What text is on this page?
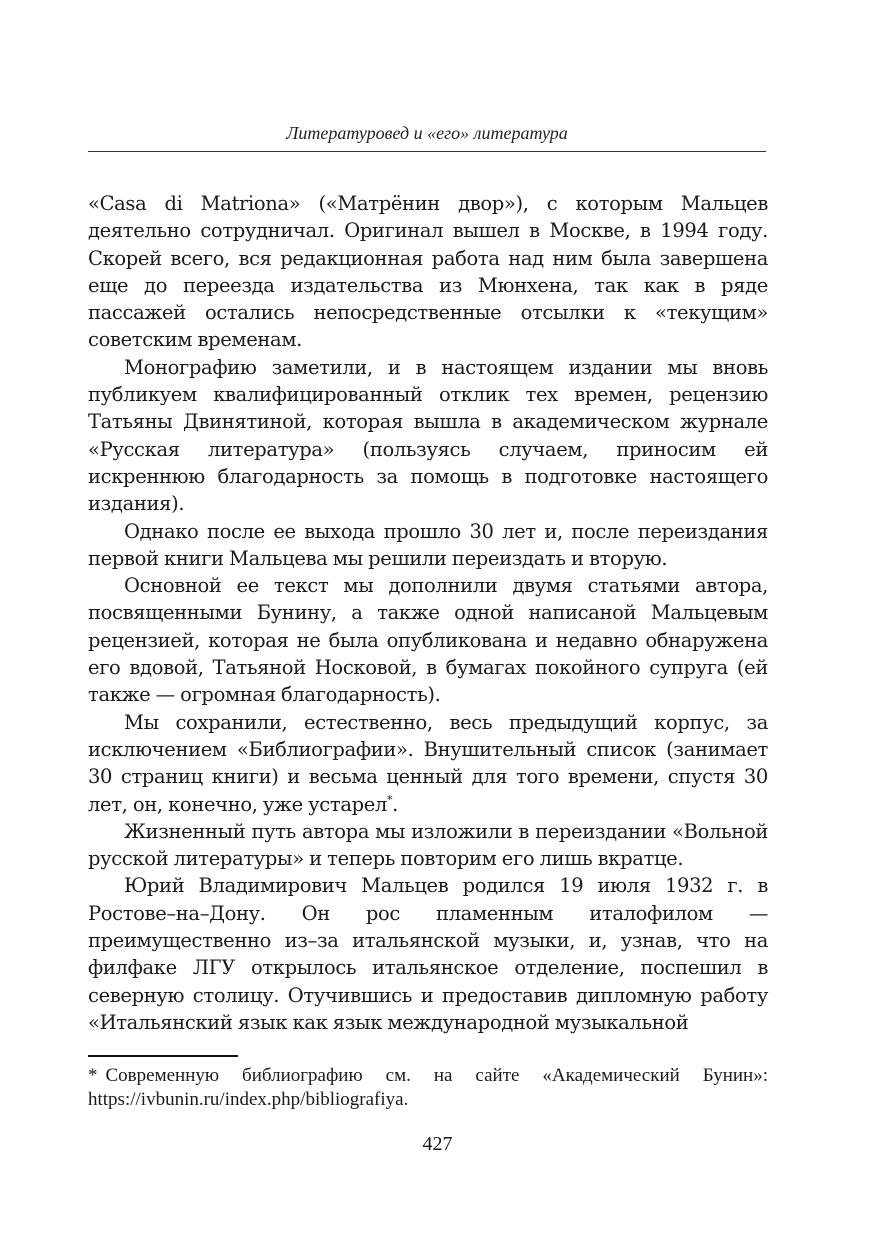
Литературовед и «его» литература

«Casa di Matriona» («Матрёнин двор»), с которым Мальцев деятельно сотрудничал. Оригинал вышел в Москве, в 1994 году. Скорей всего, вся редакционная работа над ним была завершена еще до переезда издательства из Мюнхена, так как в ряде пассажей остались непосредственные отсылки к «текущим» советским временам.

Монографию заметили, и в настоящем издании мы вновь публикуем квалифицированный отклик тех времен, рецензию Татьяны Двинятиной, которая вышла в академическом журнале «Русская литература» (пользуясь случаем, приносим ей искреннюю благодарность за помощь в подготовке настоящего издания).

Однако после ее выхода прошло 30 лет и, после переиздания первой книги Мальцева мы решили переиздать и вторую.

Основной ее текст мы дополнили двумя статьями автора, посвященными Бунину, а также одной написаной Мальцевым рецензией, которая не была опубликована и недавно обнаружена его вдовой, Татьяной Носковой, в бумагах покойного супруга (ей также — огромная благодарность).

Мы сохранили, естественно, весь предыдущий корпус, за исключением «Библиографии». Внушительный список (занимает 30 страниц книги) и весьма ценный для того времени, спустя 30 лет, он, конечно, уже устарел*.

Жизненный путь автора мы изложили в переиздании «Вольной русской литературы» и теперь повторим его лишь вкратце.

Юрий Владимирович Мальцев родился 19 июля 1932 г. в Ростове–на–Дону. Он рос пламенным италофилом — преимущественно из–за итальянской музыки, и, узнав, что на филфаке ЛГУ открылось итальянское отделение, поспешил в северную столицу. Отучившись и предоставив дипломную работу «Итальянский язык как язык международной музыкальной

* Современную библиографию см. на сайте «Академический Бунин»: https://ivbunin.ru/index.php/bibliografiya.
427
